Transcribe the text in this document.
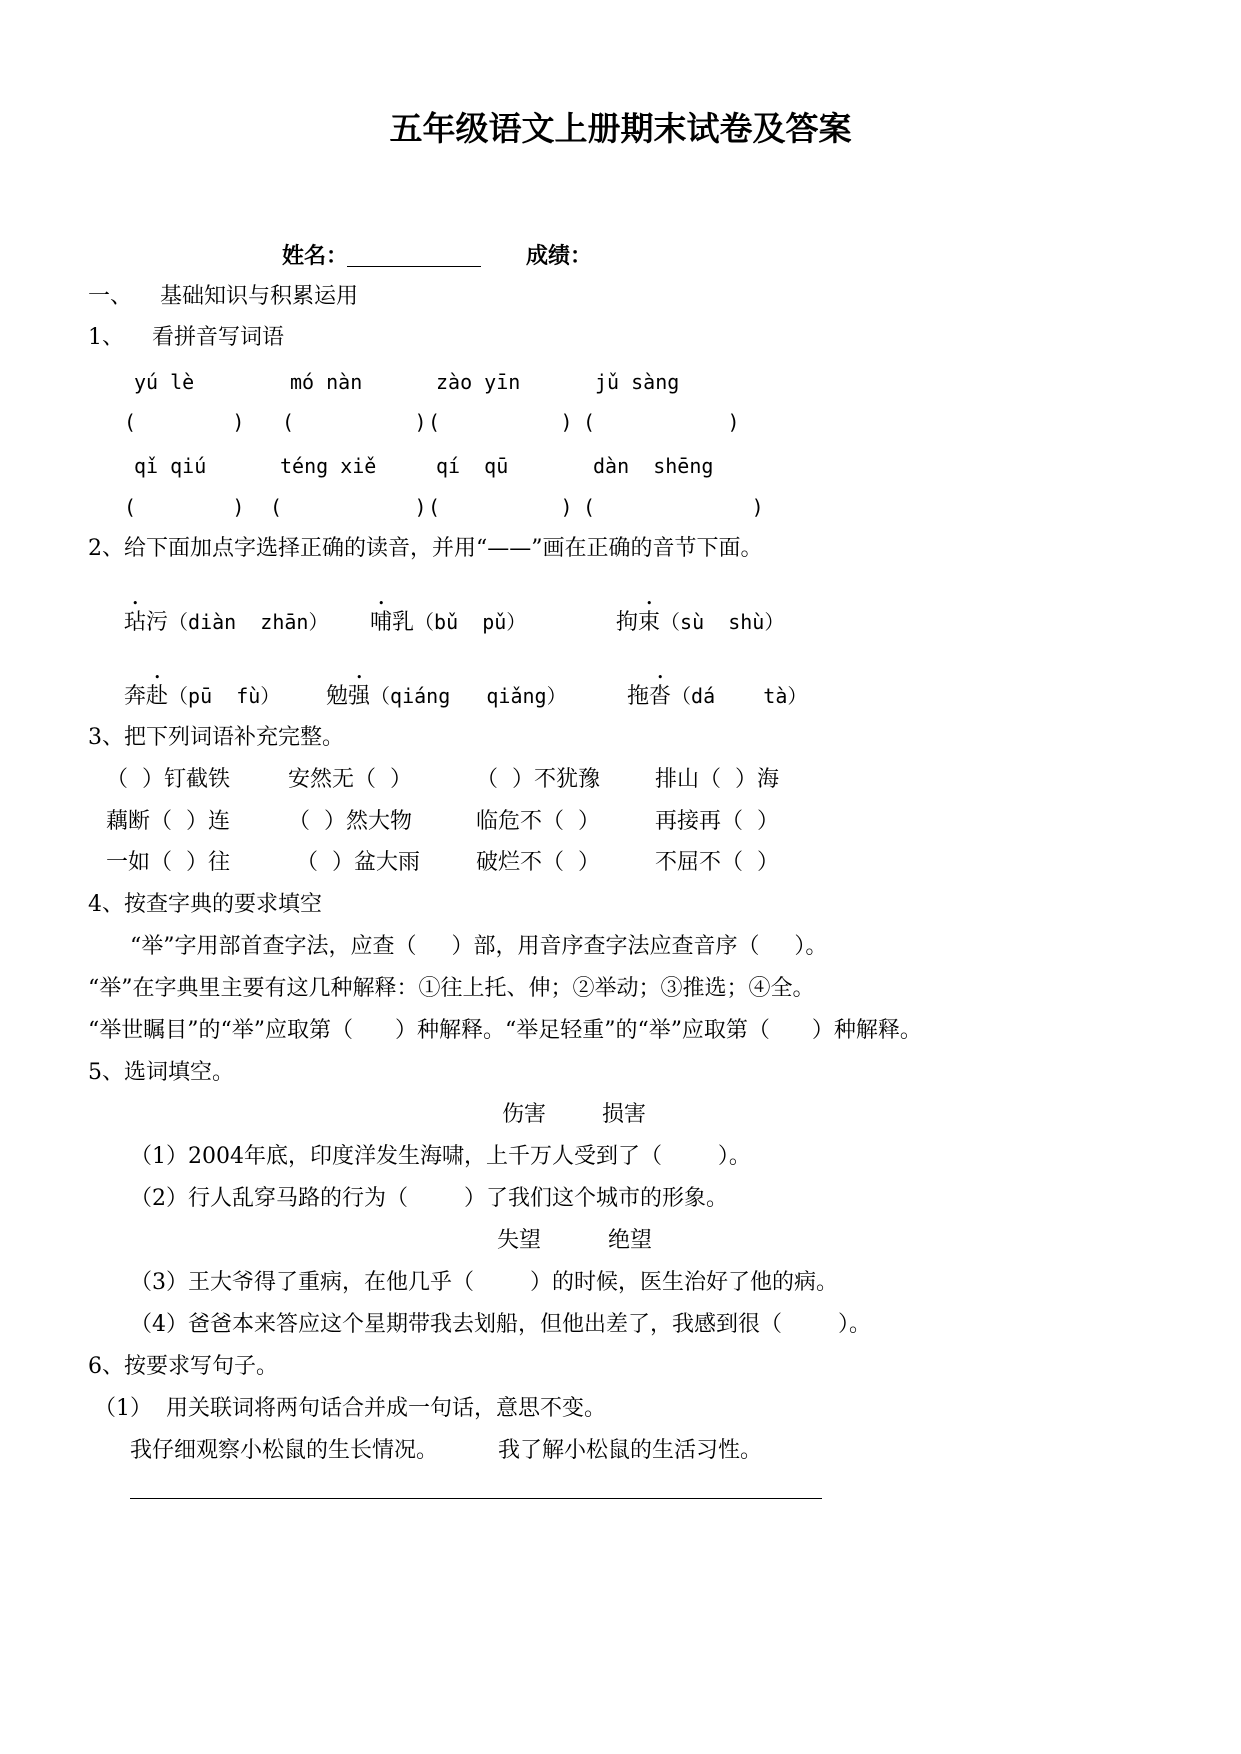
五年级语文上册期末试卷及答案
姓名：	成绩：
一、    基础知识与积累运用
1、    看拼音写词语
yú lè	mó nàn	zào yīn	jǔ sàng
(        ) (          ) (          ) (           )
qǐ qiú	téng xiě	qí  qū	dàn  shēng
(        ) (           ) (          ) (             )
2、给下面加点字选择正确的读音，并用“——”画在正确的音节下面。
玷污（diàn  zhān） 哺乳（bǔ  pǔ）	拘束（sù  shù）
奔赴（pū  fù） 勉强（qiáng   qiǎng）	拖沓（dá    tà）
3、把下列词语补充完整。
（  ）钉截铁	安然无（  ）	（  ）不犹豫	排山（  ）海
藕断（  ）连	（  ）然大物	临危不（  ）	再接再（  ）
一如（  ）往	（  ）盆大雨	破烂不（  ）	不屈不（  ）
4、按查字典的要求填空
“举”字用部首查字法，应查（     ）部，用音序查字法应查音序（     ）。
“举”在字典里主要有这几种解释：①往上托、伸；②举动；③推选；④全。
“举世瞩目”的“举”应取第（      ）种解释。“举足轻重”的“举”应取第（      ）种解释。
5、选词填空。
伤害	损害
（1）2004年底，印度洋发生海啸，上千万人受到了（        ）。
（2）行人乱穿马路的行为（        ）了我们这个城市的形象。
失望	绝望
（3）王大爷得了重病，在他几乎（        ）的时候，医生治好了他的病。
（4）爸爸本来答应这个星期带我去划船，但他出差了，我感到很（        ）。
6、按要求写句子。
（1）  用关联词将两句话合并成一句话，意思不变。
我仔细观察小松鼠的生长情况。	我了解小松鼠的生活习性。
